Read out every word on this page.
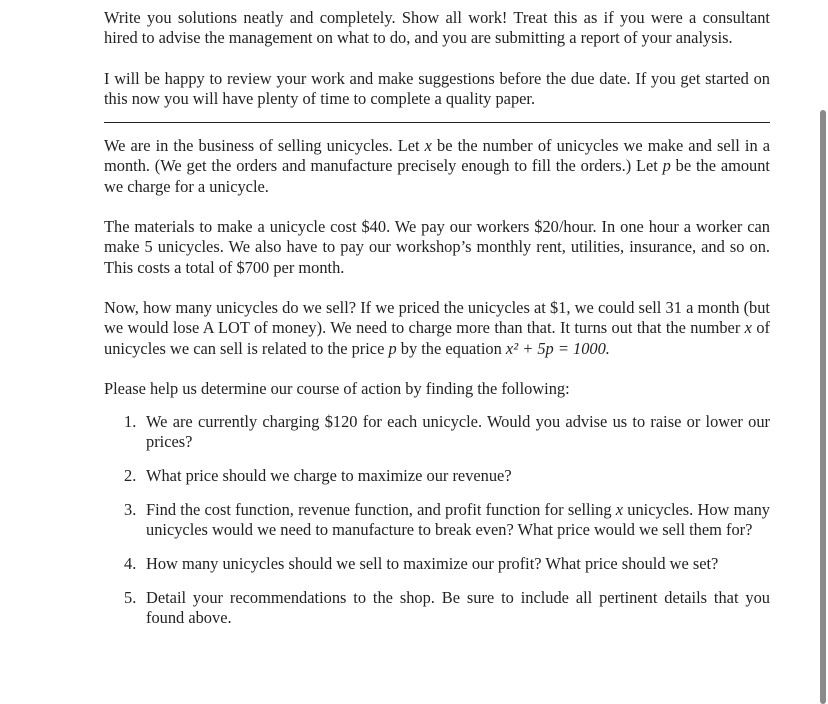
Write you solutions neatly and completely. Show all work! Treat this as if you were a consultant hired to advise the management on what to do, and you are submitting a report of your analysis.

I will be happy to review your work and make suggestions before the due date. If you get started on this now you will have plenty of time to complete a quality paper.

We are in the business of selling unicycles. Let x be the number of unicycles we make and sell in a month. (We get the orders and manufacture precisely enough to fill the orders.) Let p be the amount we charge for a unicycle.

The materials to make a unicycle cost $40. We pay our workers $20/hour. In one hour a worker can make 5 unicycles. We also have to pay our workshop’s monthly rent, utilities, insurance, and so on. This costs a total of $700 per month.

Now, how many unicycles do we sell? If we priced the unicycles at $1, we could sell 31 a month (but we would lose A LOT of money). We need to charge more than that. It turns out that the number x of unicycles we can sell is related to the price p by the equation x² + 5p = 1000.

Please help us determine our course of action by finding the following:

1. We are currently charging $120 for each unicycle. Would you advise us to raise or lower our prices?
2. What price should we charge to maximize our revenue?
3. Find the cost function, revenue function, and profit function for selling x unicycles. How many unicycles would we need to manufacture to break even? What price would we sell them for?
4. How many unicycles should we sell to maximize our profit? What price should we set?
5. Detail your recommendations to the shop. Be sure to include all pertinent details that you found above.
